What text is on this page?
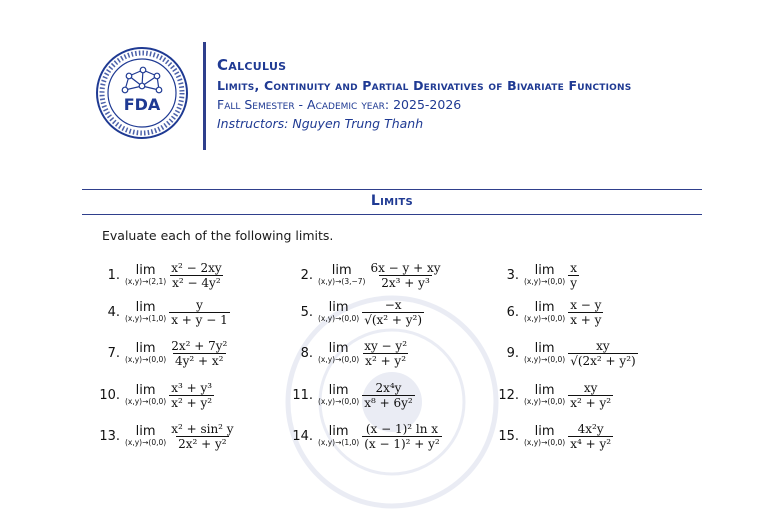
FDA
Calculus
Limits, Continuity and Partial Derivatives of Bivariate Functions
Fall Semester - Academic year: 2025-2026
Instructors: Nguyen Trung Thanh
Limits
Evaluate each of the following limits.
1. lim
$(x,y)\to(2,1) \frac{\text{x² − 2xy}}{\text{x² − 4y²}}$	2. lim
$(x,y)\to(3,-7) \frac{6x - y + xy}{\text{2x³ + y³}}$	3. lim
$(x,y)\to(0,0) \frac{x}{y}$
4. lim
$(x,y)\to(1,0) \frac{y}{x + y - 1}$	5. lim
$(x,y)\to(0,0) \frac{-x}{\text{√(x² + y²)}}$	6. lim
$(x,y)\to(0,0) \frac{x - y}{x + y}$
7. lim
$(x,y)\to(0,0) \frac{\text{2x² + 7y²}}{\text{4y² + x²}}$	8. lim
$(x,y)\to(0,0) \frac{\text{xy − y²}}{\text{x² + y²}}$	9. lim
$(x,y)\to(0,0) \frac{xy}{\text{√(2x² + y²)}}$
10. lim
$(x,y)\to(0,0) \frac{\text{x³ + y³}}{\text{x² + y²}}$	11. lim
$(x,y)\to(0,0) \frac{\text{2x⁴y}}{\text{x⁸ + 6y²}}$	12. lim
$(x,y)\to(0,0) \frac{xy}{\text{x² + y²}}$
13. lim
$(x,y)\to(0,0) \frac{\text{x² + sin² y}}{\text{2x² + y²}}$	14. lim
$(x,y)\to(1,0) \frac{\text{(x − 1)² ln x}}{\text{(x − 1)² + y²}}$	15. lim
$(x,y)\to(0,0) \frac{\text{4x²y}}{\text{x⁴ + y²}}$
